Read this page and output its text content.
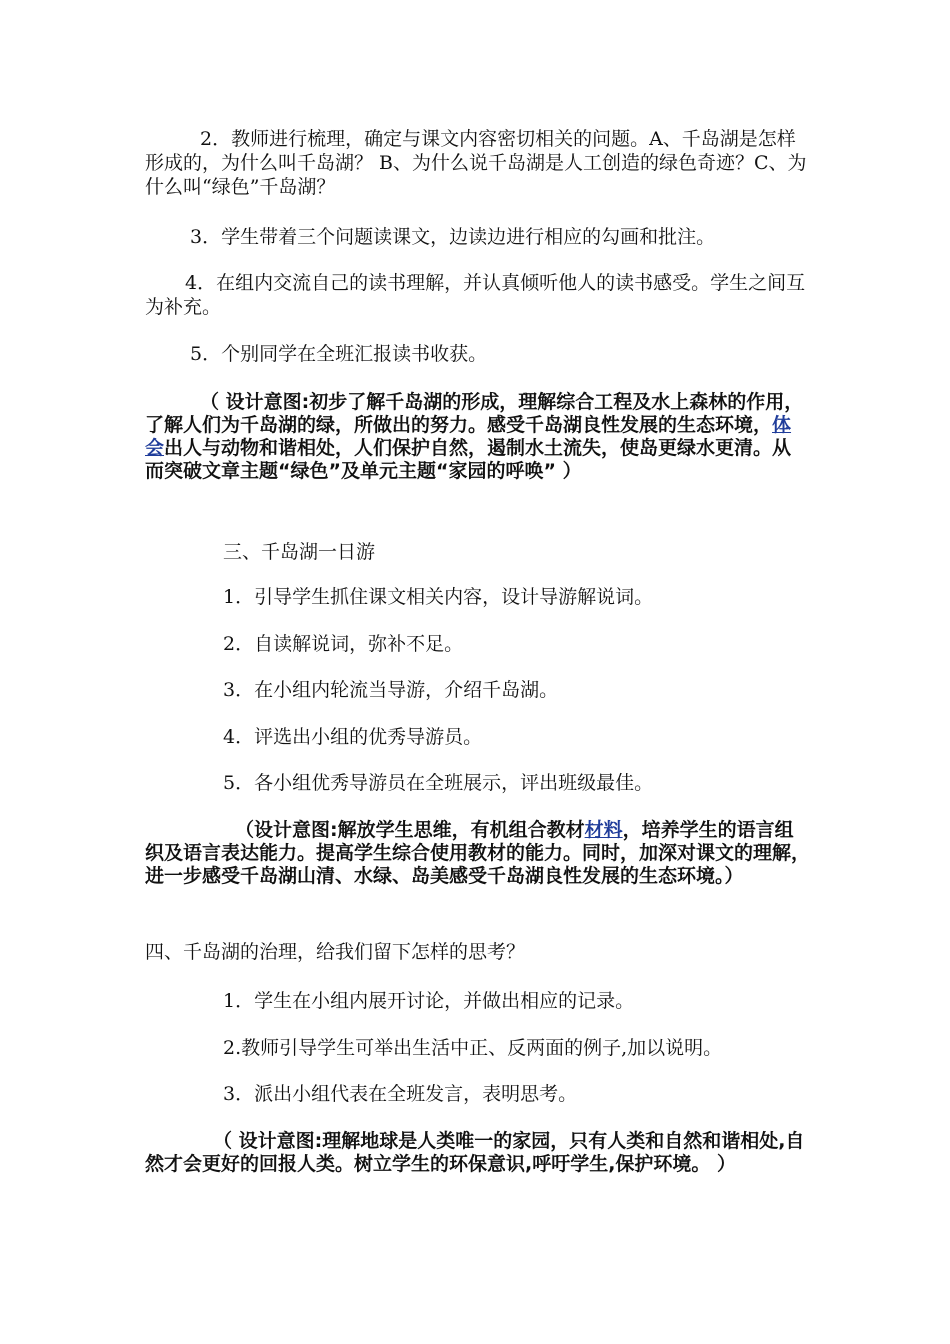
2．教师进行梳理，确定与课文内容密切相关的问题。A、千岛湖是怎样形成的，为什么叫千岛湖？ B、为什么说千岛湖是人工创造的绿色奇迹？C、为什么叫“绿色”千岛湖？

3．学生带着三个问题读课文，边读边进行相应的勾画和批注。

4．在组内交流自己的读书理解，并认真倾听他人的读书感受。学生之间互为补充。

5．个别同学在全班汇报读书收获。

（ 设计意图:初步了解千岛湖的形成，理解综合工程及水上森林的作用，了解人们为千岛湖的绿，所做出的努力。感受千岛湖良性发展的生态环境，体会出人与动物和谐相处，人们保护自然，遏制水土流失，使岛更绿水更清。从而突破文章主题“绿色”及单元主题“家园的呼唤” ）

三、千岛湖一日游

1．引导学生抓住课文相关内容，设计导游解说词。

2．自读解说词，弥补不足。

3．在小组内轮流当导游，介绍千岛湖。

4．评选出小组的优秀导游员。

5．各小组优秀导游员在全班展示，评出班级最佳。

（设计意图:解放学生思维，有机组合教材材料，培养学生的语言组织及语言表达能力。提高学生综合使用教材的能力。同时，加深对课文的理解，进一步感受千岛湖山清、水绿、岛美感受千岛湖良性发展的生态环境。）

四、千岛湖的治理，给我们留下怎样的思考？

1．学生在小组内展开讨论，并做出相应的记录。

2.教师引导学生可举出生活中正、反两面的例子,加以说明。

3．派出小组代表在全班发言，表明思考。

（ 设计意图:理解地球是人类唯一的家园，只有人类和自然和谐相处,自然才会更好的回报人类。树立学生的环保意识,呼吁学生,保护环境。 ）
